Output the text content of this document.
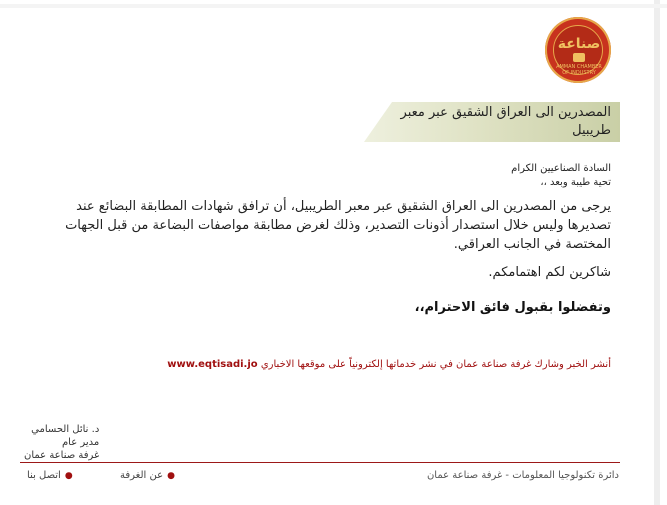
صناعة
AMMAN CHAMBER OF INDUSTRY
المصدرين الى العراق الشقيق عبر معبر طريبيل
السادة الصناعيين الكرام
تحية طيبة وبعد ،،
يرجى من المصدرين الى العراق الشقيق عبر معبر الطريبيل، أن ترافق شهادات المطابقة البضائع عند تصديرها وليس خلال استصدار أذونات التصدير، وذلك لغرض مطابقة مواصفات البضاعة من قبل الجهات المختصة في الجانب العراقي.
شاكرين لكم اهتمامكم.
وتفضلوا بقبول فائق الاحترام،،
أنشر الخبر وشارك غرفة صناعة عمان في نشر خدماتها إلكترونياً على موقعها الاخباري www.eqtisadi.jo
د. نائل الحسامي
مدير عام
غرفة صناعة عمان
دائرة تكنولوجيا المعلومات - غرفة صناعة عمان
●عن الغرفة
●اتصل بنا
